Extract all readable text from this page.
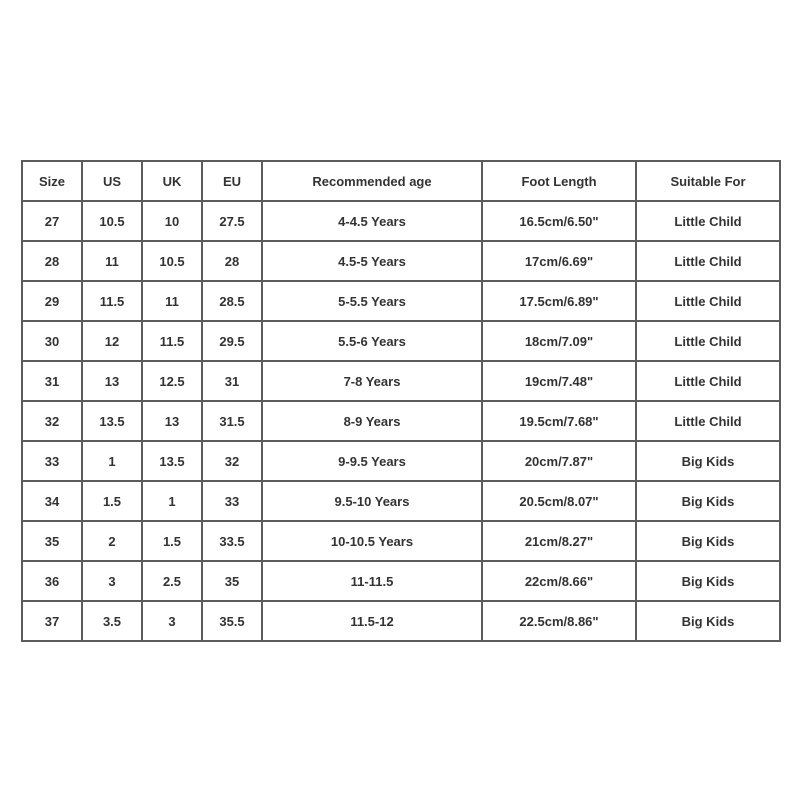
Size	US	UK	EU	Recommended age	Foot Length	Suitable For
27	10.5	10	27.5	4-4.5 Years	16.5cm/6.50"	Little Child
28	11	10.5	28	4.5-5 Years	17cm/6.69"	Little Child
29	11.5	11	28.5	5-5.5 Years	17.5cm/6.89"	Little Child
30	12	11.5	29.5	5.5-6 Years	18cm/7.09"	Little Child
31	13	12.5	31	7-8 Years	19cm/7.48"	Little Child
32	13.5	13	31.5	8-9 Years	19.5cm/7.68"	Little Child
33	1	13.5	32	9-9.5 Years	20cm/7.87"	Big Kids
34	1.5	1	33	9.5-10 Years	20.5cm/8.07"	Big Kids
35	2	1.5	33.5	10-10.5 Years	21cm/8.27"	Big Kids
36	3	2.5	35	11-11.5	22cm/8.66"	Big Kids
37	3.5	3	35.5	11.5-12	22.5cm/8.86"	Big Kids
